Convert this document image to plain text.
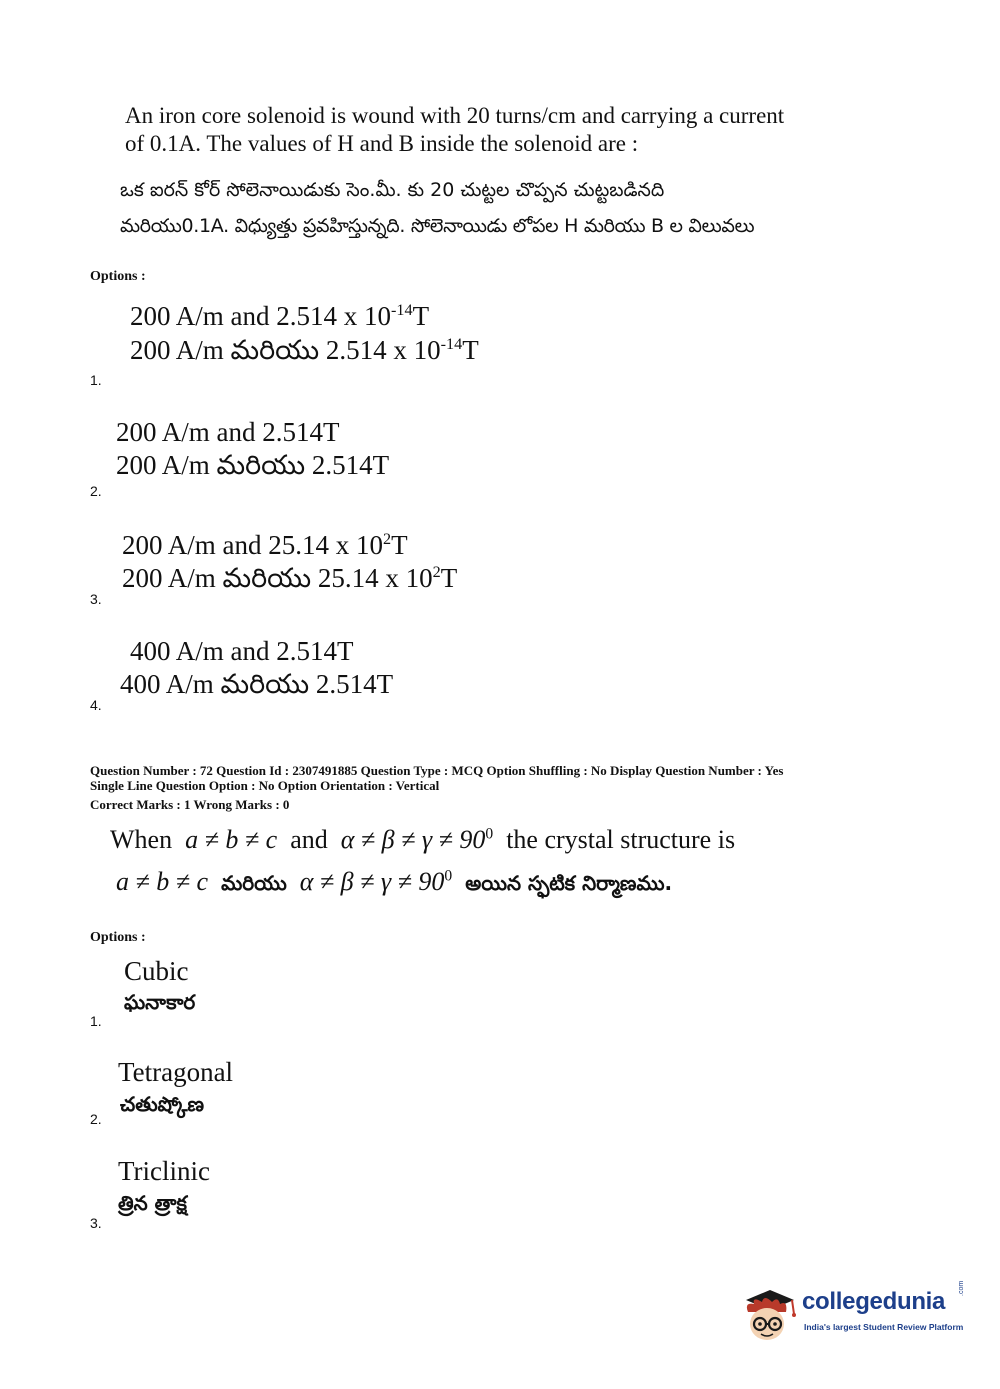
An iron core solenoid is wound with 20 turns/cm and carrying a current
of 0.1A. The values of H and B inside the solenoid are :
ఒక ఐరన్ కోర్ సోలెనాయిడుకు సెం.మీ. కు 20 చుట్టల చొప్పన చుట్టబడినది
మరియు0.1A. విధ్యుత్తు ప్రవహిస్తున్నది. సోలెనాయిడు లోపల H మరియు B ల విలువలు
Options :
200 A/m and 2.514 x $10^{-14}T$
200 A/m మరియు 2.514 x $10^{-14}T$
1.
200 A/m and 2.514T
200 A/m మరియు 2.514T
2.
200 A/m and 25.14 x $10^2T$
200 A/m మరియు 25.14 x $10^2T$
3.
400 A/m and 2.514T
400 A/m మరియు 2.514T
4.
Question Number : 72 Question Id : 2307491885 Question Type : MCQ Option Shuffling : No Display Question Number : Yes
Single Line Question Option : No Option Orientation : Vertical
Correct Marks : 1 Wrong Marks : 0
When a ≠ b ≠ c and $\alpha \ne \beta \ne \gamma \ne 90^0$ the crystal structure is
a ≠ b ≠ c మరియు $\alpha \ne \beta \ne \gamma \ne 90^0$ అయిన స్ఫటిక నిర్మాణము.
Options :
Cubic
ఘనాకార
1.
Tetragonal
చతుష్కోణ
2.
Triclinic
త్రిన త్రాక్ష
3.
collegedunia .com
India's largest Student Review Platform
